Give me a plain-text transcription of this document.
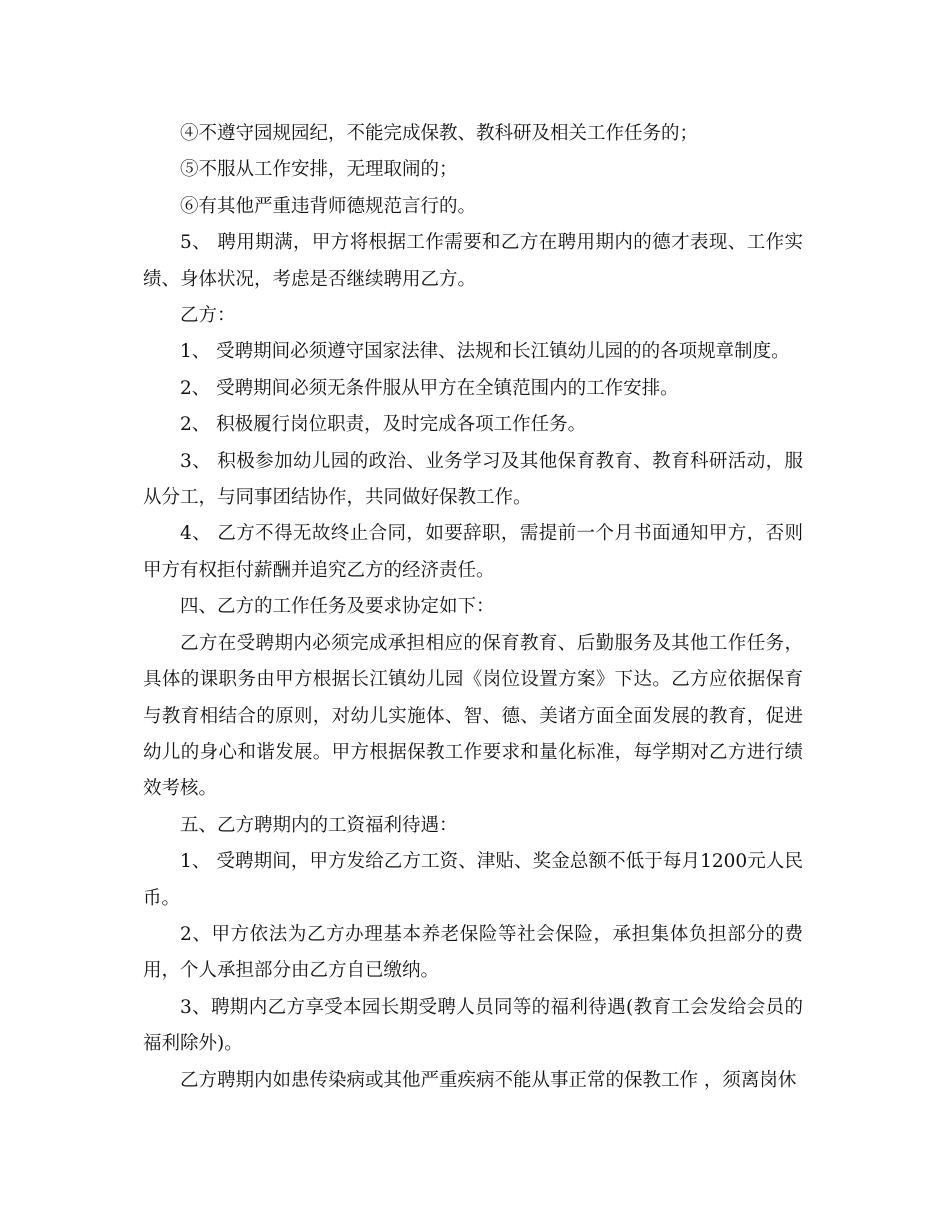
④不遵守园规园纪，不能完成保教、教科研及相关工作任务的；

⑤不服从工作安排，无理取闹的；

⑥有其他严重违背师德规范言行的。

5、 聘用期满，甲方将根据工作需要和乙方在聘用期内的德才表现、工作实绩、身体状况，考虑是否继续聘用乙方。

乙方：

1、 受聘期间必须遵守国家法律、法规和长江镇幼儿园的的各项规章制度。

2、 受聘期间必须无条件服从甲方在全镇范围内的工作安排。

2、 积极履行岗位职责，及时完成各项工作任务。

3、 积极参加幼儿园的政治、业务学习及其他保育教育、教育科研活动，服从分工，与同事团结协作，共同做好保教工作。

4、 乙方不得无故终止合同，如要辞职，需提前一个月书面通知甲方，否则甲方有权拒付薪酬并追究乙方的经济责任。

四、乙方的工作任务及要求协定如下：

乙方在受聘期内必须完成承担相应的保育教育、后勤服务及其他工作任务，具体的课职务由甲方根据长江镇幼儿园《岗位设置方案》下达。乙方应依据保育与教育相结合的原则，对幼儿实施体、智、德、美诸方面全面发展的教育，促进幼儿的身心和谐发展。甲方根据保教工作要求和量化标准，每学期对乙方进行绩效考核。

五、乙方聘期内的工资福利待遇：

1、 受聘期间，甲方发给乙方工资、津贴、奖金总额不低于每月1200元人民币。

2、甲方依法为乙方办理基本养老保险等社会保险，承担集体负担部分的费用，个人承担部分由乙方自已缴纳。

3、聘期内乙方享受本园长期受聘人员同等的福利待遇(教育工会发给会员的福利除外)。

乙方聘期内如患传染病或其他严重疾病不能从事正常的保教工作 ，须离岗休
